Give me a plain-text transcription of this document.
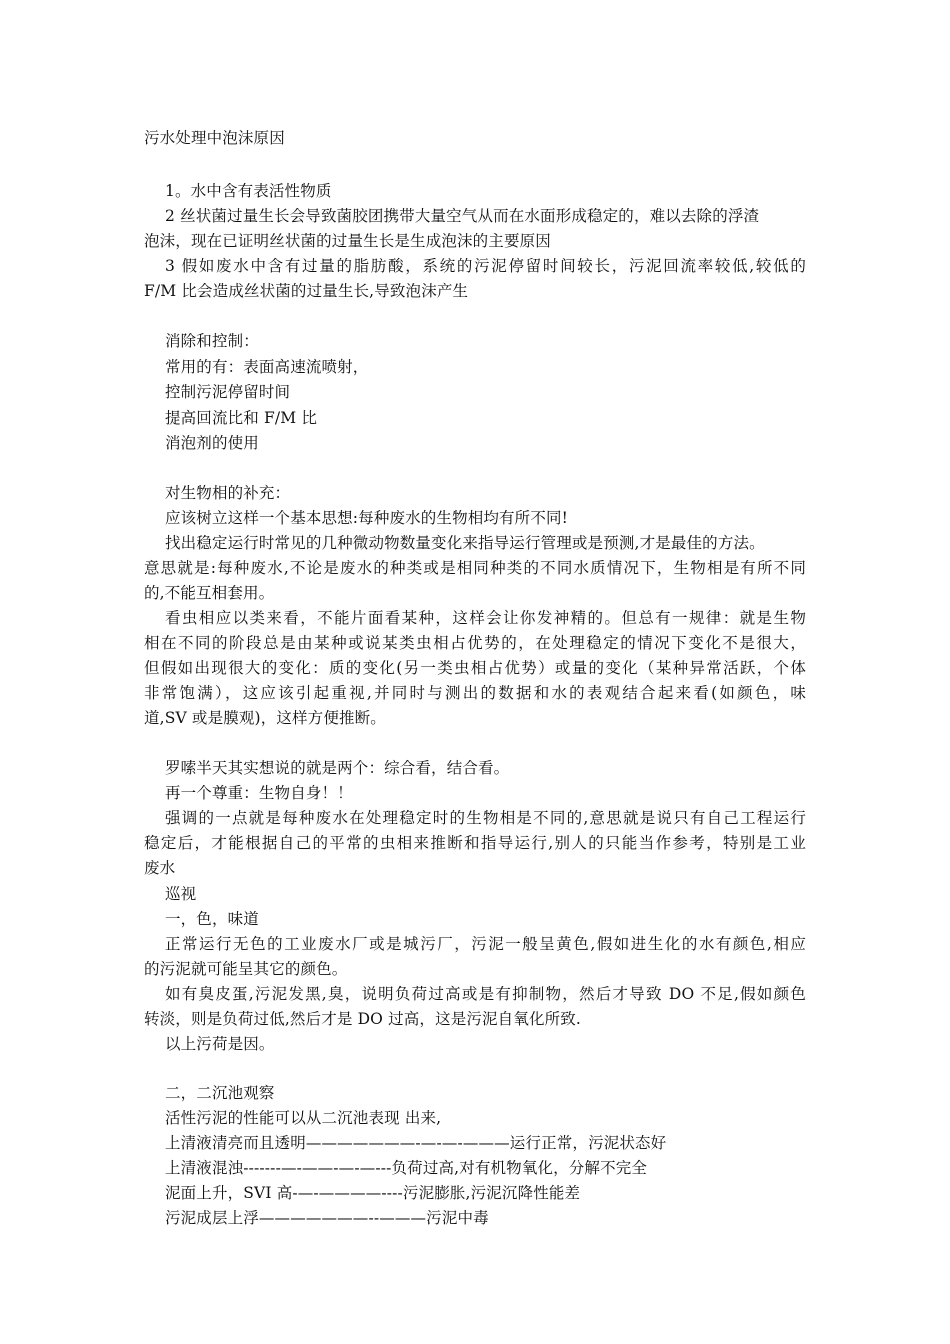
污水处理中泡沫原因
1。水中含有表活性物质
2 丝状菌过量生长会导致菌胶团携带大量空气从而在水面形成稳定的，难以去除的浮渣
泡沫，现在已证明丝状菌的过量生长是生成泡沫的主要原因
3 假如废水中含有过量的脂肪酸，系统的污泥停留时间较长，污泥回流率较低,较低的
F/M 比会造成丝状菌的过量生长,导致泡沫产生
消除和控制：
常用的有：表面高速流喷射，
控制污泥停留时间
提高回流比和 F/M 比
消泡剂的使用
对生物相的补充：
应该树立这样一个基本思想:每种废水的生物相均有所不同!
找出稳定运行时常见的几种微动物数量变化来指导运行管理或是预测,才是最佳的方法。
意思就是:每种废水,不论是废水的种类或是相同种类的不同水质情况下，生物相是有所不同
的,不能互相套用。
看虫相应以类来看，不能片面看某种，这样会让你发神精的。但总有一规律：就是生物
相在不同的阶段总是由某种或说某类虫相占优势的，在处理稳定的情况下变化不是很大，
但假如出现很大的变化：质的变化(另一类虫相占优势）或量的变化（某种异常活跃，个体
非常饱满），这应该引起重视,并同时与测出的数据和水的表观结合起来看(如颜色，味
道,SV 或是膜观)，这样方便推断。
罗嗦半天其实想说的就是两个：综合看，结合看。
再一个尊重：生物自身！！
强调的一点就是每种废水在处理稳定时的生物相是不同的,意思就是说只有自己工程运行
稳定后，才能根据自己的平常的虫相来推断和指导运行,别人的只能当作参考，特别是工业
废水
巡视
一，色，味道
正常运行无色的工业废水厂或是城污厂，污泥一般呈黄色,假如进生化的水有颜色,相应
的污泥就可能呈其它的颜色。
如有臭皮蛋,污泥发黑,臭，说明负荷过高或是有抑制物，然后才导致 DO 不足,假如颜色
转淡，则是负荷过低,然后才是 DO 过高，这是污泥自氧化所致.
以上污荷是因。
二，二沉池观察
活性污泥的性能可以从二沉池表现 出来,
上清液清亮而且透明———————-—-—-———运行正常，污泥状态好
上清液混浊-------—-——-—-—---负荷过高,对有机物氧化，分解不完全
泥面上升，SVI 高-—-————----污泥膨胀,污泥沉降性能差
污泥成层上浮———————--———污泥中毒
